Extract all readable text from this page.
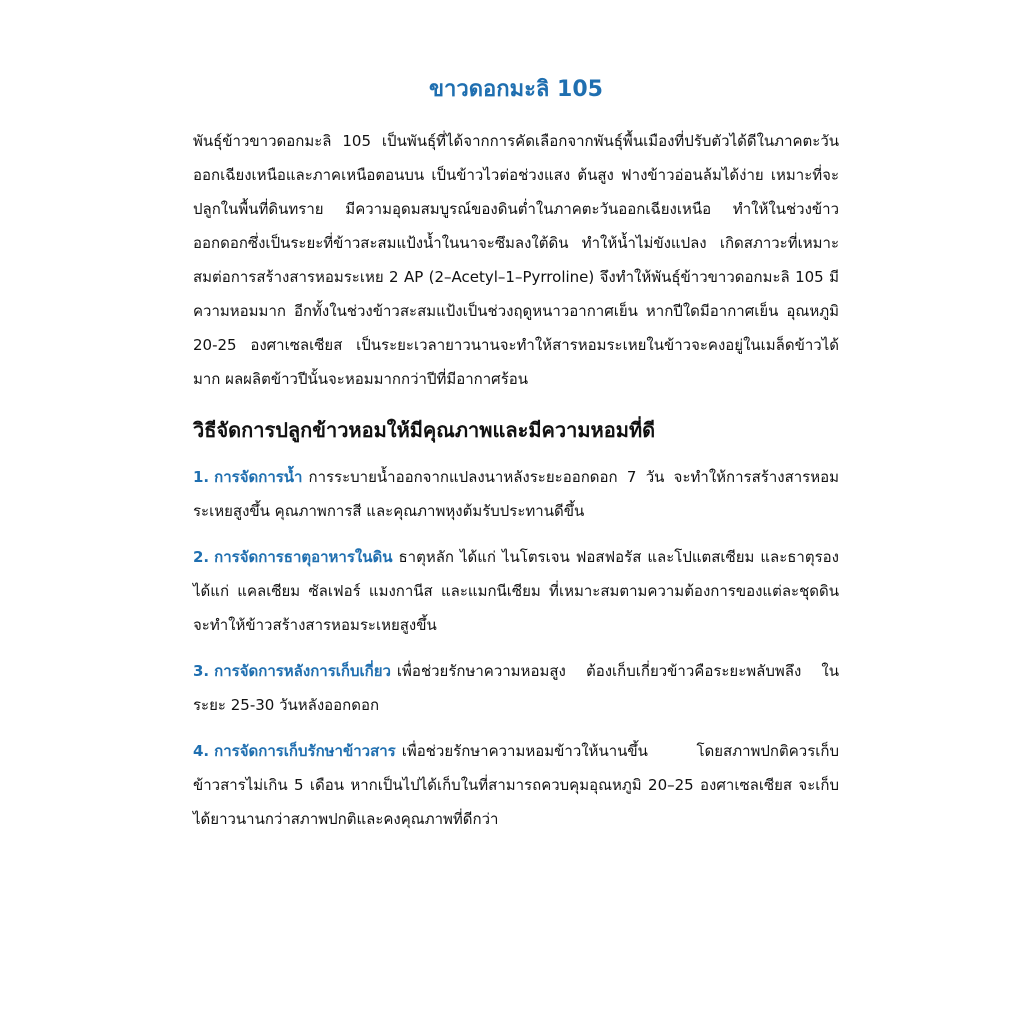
ขาวดอกมะลิ 105

พันธุ์ข้าวขาวดอกมะลิ 105 เป็นพันธุ์ที่ได้จากการคัดเลือกจากพันธุ์พื้นเมืองที่ปรับตัวได้ดีในภาคตะวันออกเฉียงเหนือและภาคเหนือตอนบน เป็นข้าวไวต่อช่วงแสง ต้นสูง ฟางข้าวอ่อนล้มได้ง่าย เหมาะที่จะปลูกในพื้นที่ดินทราย มีความอุดมสมบูรณ์ของดินต่ำในภาคตะวันออกเฉียงเหนือ ทำให้ในช่วงข้าวออกดอกซึ่งเป็นระยะที่ข้าวสะสมแป้งน้ำในนาจะซึมลงใต้ดิน ทำให้น้ำไม่ขังแปลง เกิดสภาวะที่เหมาะสมต่อการสร้างสารหอมระเหย 2 AP (2–Acetyl–1–Pyrroline) จึงทำให้พันธุ์ข้าวขาวดอกมะลิ 105 มีความหอมมาก อีกทั้งในช่วงข้าวสะสมแป้งเป็นช่วงฤดูหนาวอากาศเย็น หากปีใดมีอากาศเย็น อุณหภูมิ 20-25 องศาเซลเซียส เป็นระยะเวลายาวนานจะทำให้สารหอมระเหยในข้าวจะคงอยู่ในเมล็ดข้าวได้มาก ผลผลิตข้าวปีนั้นจะหอมมากกว่าปีที่มีอากาศร้อน

วิธีจัดการปลูกข้าวหอมให้มีคุณภาพและมีความหอมที่ดี

1. การจัดการน้ำ การระบายน้ำออกจากแปลงนาหลังระยะออกดอก 7 วัน จะทำให้การสร้างสารหอมระเหยสูงขึ้น คุณภาพการสี และคุณภาพหุงต้มรับประทานดีขึ้น

2. การจัดการธาตุอาหารในดิน ธาตุหลัก ได้แก่ ไนโตรเจน ฟอสฟอรัส และโปแตสเซียม และธาตุรอง ได้แก่ แคลเซียม ซัลเฟอร์ แมงกานีส และแมกนีเซียม ที่เหมาะสมตามความต้องการของแต่ละชุดดิน จะทำให้ข้าวสร้างสารหอมระเหยสูงขึ้น

3. การจัดการหลังการเก็บเกี่ยว เพื่อช่วยรักษาความหอมสูง ต้องเก็บเกี่ยวข้าวคือระยะพลับพลึง ในระยะ 25-30 วันหลังออกดอก

4. การจัดการเก็บรักษาข้าวสาร เพื่อช่วยรักษาความหอมข้าวให้นานขึ้น โดยสภาพปกติควรเก็บข้าวสารไม่เกิน 5 เดือน หากเป็นไปได้เก็บในที่สามารถควบคุมอุณหภูมิ 20–25 องศาเซลเซียส จะเก็บได้ยาวนานกว่าสภาพปกติและคงคุณภาพที่ดีกว่า
